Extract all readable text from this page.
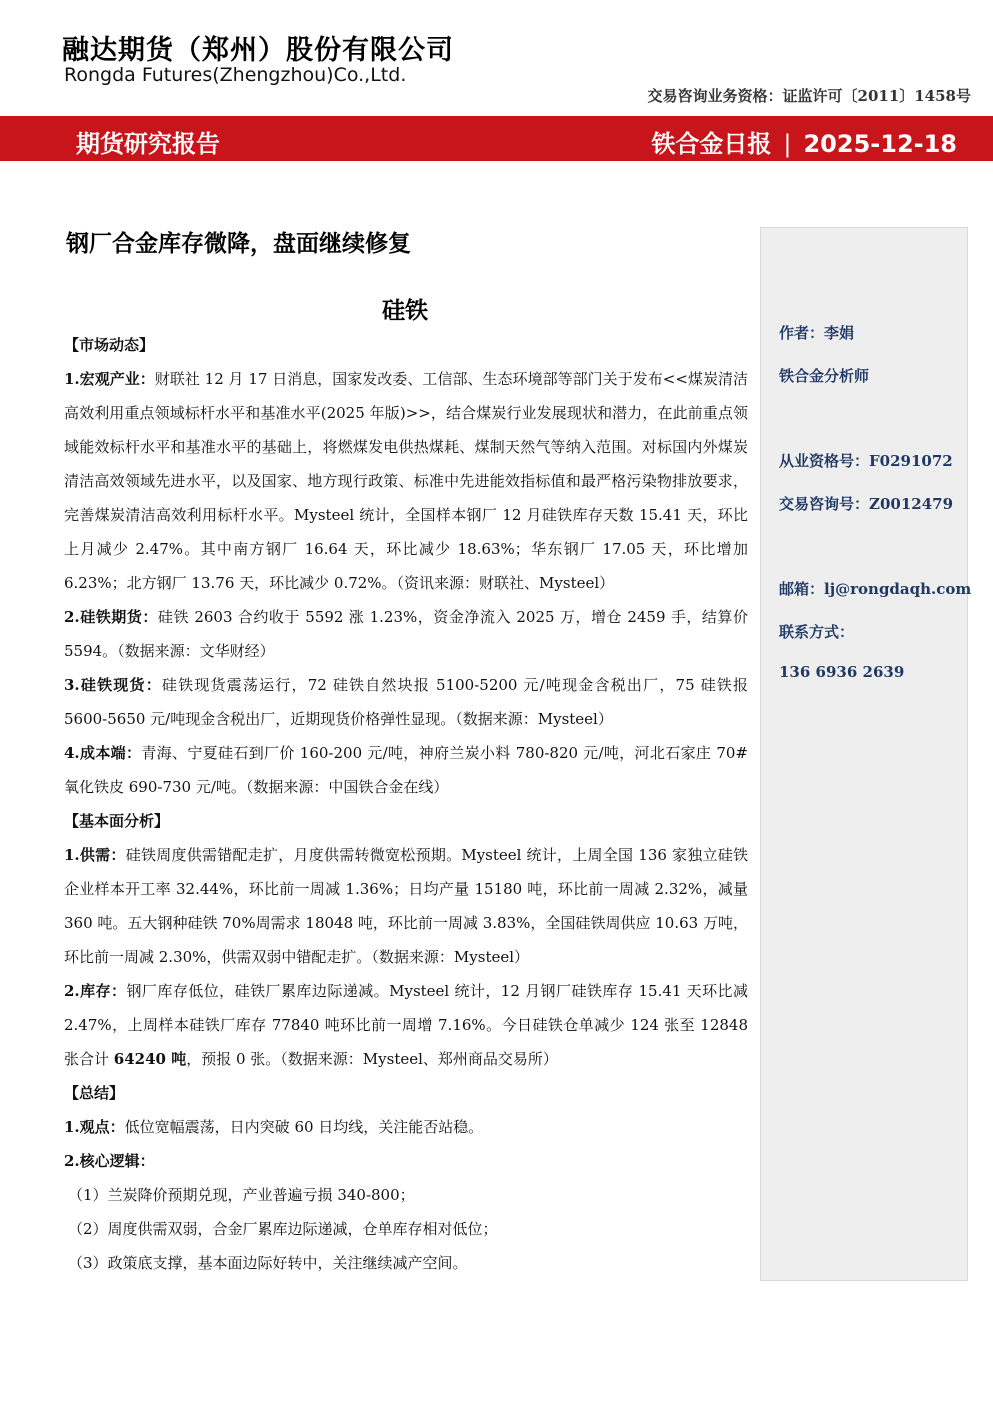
融达期货（郑州）股份有限公司
Rongda Futures(Zhengzhou)Co.,Ltd.
交易咨询业务资格：证监许可〔2011〕1458号
期货研究报告	铁合金日报 | 2025-12-18
钢厂合金库存微降，盘面继续修复
硅铁
作者：李娟
铁合金分析师
从业资格号：F0291072
交易咨询号：Z0012479
邮箱：lj@rongdaqh.com
联系方式：
136 6936 2639

【市场动态】

1.宏观产业：财联社 12 月 17 日消息，国家发改委、工信部、生态环境部等部门关于发布<<煤炭清洁高效利用重点领域标杆水平和基准水平(2025 年版)>>，结合煤炭行业发展现状和潜力，在此前重点领域能效标杆水平和基准水平的基础上，将燃煤发电供热煤耗、煤制天然气等纳入范围。对标国内外煤炭清洁高效领域先进水平，以及国家、地方现行政策、标准中先进能效指标值和最严格污染物排放要求，完善煤炭清洁高效利用标杆水平。Mysteel 统计，全国样本钢厂 12 月硅铁库存天数 15.41 天，环比上月减少 2.47%。其中南方钢厂 16.64 天，环比减少 18.63%；华东钢厂 17.05 天，环比增加 6.23%；北方钢厂 13.76 天，环比减少 0.72%。（资讯来源：财联社、Mysteel）

2.硅铁期货：硅铁 2603 合约收于 5592 涨 1.23%，资金净流入 2025 万，增仓 2459 手，结算价 5594。（数据来源：文华财经）

3.硅铁现货：硅铁现货震荡运行，72 硅铁自然块报 5100-5200 元/吨现金含税出厂，75 硅铁报 5600-5650 元/吨现金含税出厂，近期现货价格弹性显现。（数据来源：Mysteel）

4.成本端：青海、宁夏硅石到厂价 160-200 元/吨，神府兰炭小料 780-820 元/吨，河北石家庄 70#氧化铁皮 690-730 元/吨。（数据来源：中国铁合金在线）

【基本面分析】

1.供需：硅铁周度供需错配走扩，月度供需转微宽松预期。Mysteel 统计，上周全国 136 家独立硅铁企业样本开工率 32.44%，环比前一周减 1.36%；日均产量 15180 吨，环比前一周减 2.32%，减量 360 吨。五大钢种硅铁 70%周需求 18048 吨，环比前一周减 3.83%，全国硅铁周供应 10.63 万吨，环比前一周减 2.30%，供需双弱中错配走扩。（数据来源：Mysteel）

2.库存：钢厂库存低位，硅铁厂累库边际递减。Mysteel 统计，12 月钢厂硅铁库存 15.41 天环比减 2.47%，上周样本硅铁厂库存 77840 吨环比前一周增 7.16%。今日硅铁仓单减少 124 张至 12848 张合计 64240 吨，预报 0 张。（数据来源：Mysteel、郑州商品交易所）

【总结】

1.观点：低位宽幅震荡，日内突破 60 日均线，关注能否站稳。

2.核心逻辑：

（1）兰炭降价预期兑现，产业普遍亏损 340-800；

（2）周度供需双弱，合金厂累库边际递减，仓单库存相对低位；

（3）政策底支撑，基本面边际好转中，关注继续减产空间。
